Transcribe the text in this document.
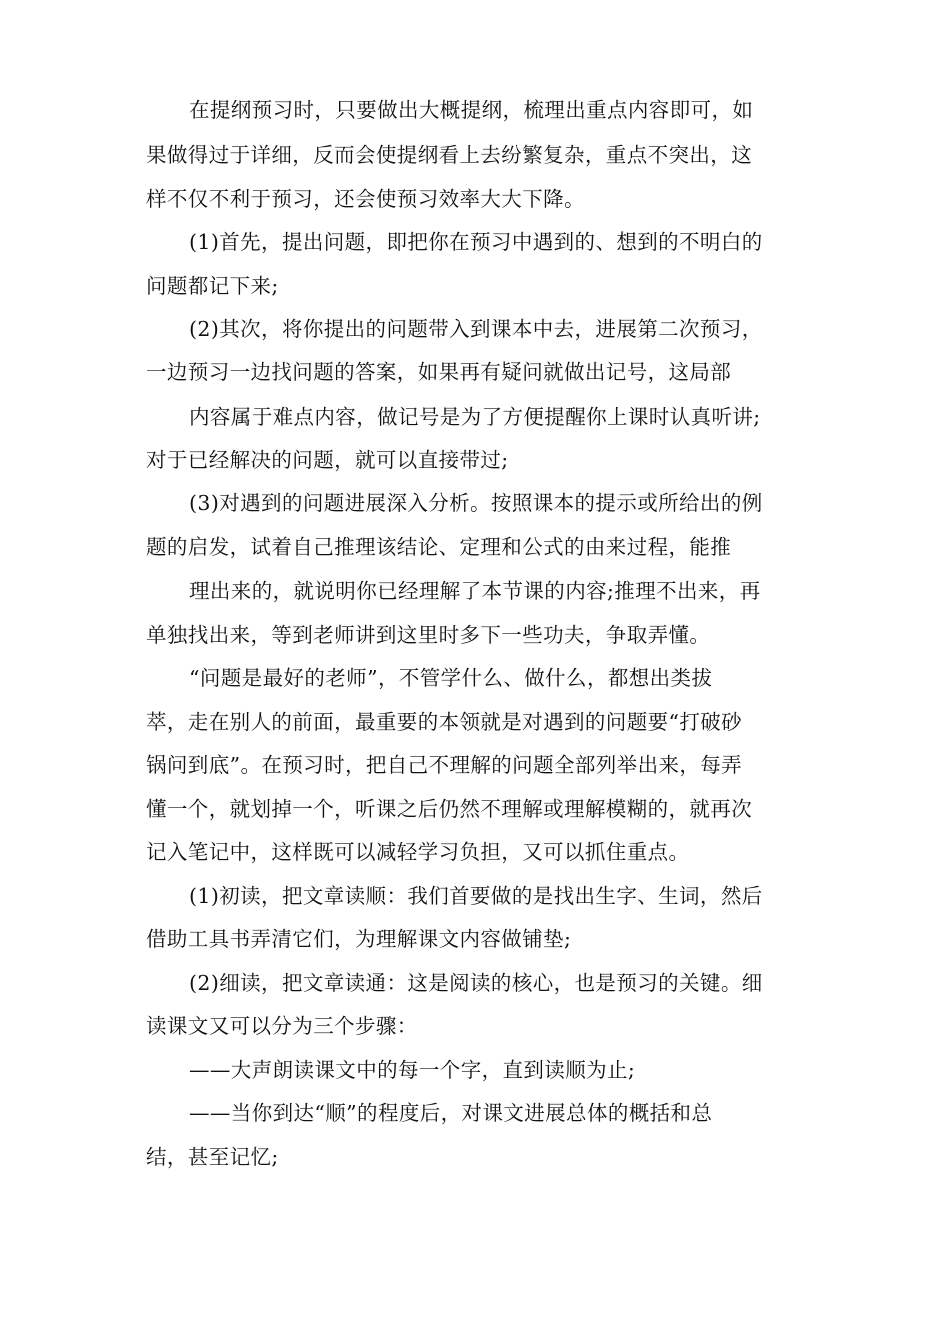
在提纲预习时，只要做出大概提纲，梳理出重点内容即可，如
果做得过于详细，反而会使提纲看上去纷繁复杂，重点不突出，这
样不仅不利于预习，还会使预习效率大大下降。
(1)首先，提出问题，即把你在预习中遇到的、想到的不明白的
问题都记下来;
(2)其次，将你提出的问题带入到课本中去，进展第二次预习，
一边预习一边找问题的答案，如果再有疑问就做出记号，这局部
内容属于难点内容，做记号是为了方便提醒你上课时认真听讲;
对于已经解决的问题，就可以直接带过;
(3)对遇到的问题进展深入分析。按照课本的提示或所给出的例
题的启发，试着自己推理该结论、定理和公式的由来过程，能推
理出来的，就说明你已经理解了本节课的内容;推理不出来，再
单独找出来，等到老师讲到这里时多下一些功夫，争取弄懂。
“问题是最好的老师”，不管学什么、做什么，都想出类拔
萃，走在别人的前面，最重要的本领就是对遇到的问题要“打破砂
锅问到底”。在预习时，把自己不理解的问题全部列举出来，每弄
懂一个，就划掉一个，听课之后仍然不理解或理解模糊的，就再次
记入笔记中，这样既可以减轻学习负担，又可以抓住重点。
(1)初读，把文章读顺：我们首要做的是找出生字、生词，然后
借助工具书弄清它们，为理解课文内容做铺垫;
(2)细读，把文章读通：这是阅读的核心，也是预习的关键。细
读课文又可以分为三个步骤：
——大声朗读课文中的每一个字，直到读顺为止;
——当你到达“顺”的程度后，对课文进展总体的概括和总
结，甚至记忆;
